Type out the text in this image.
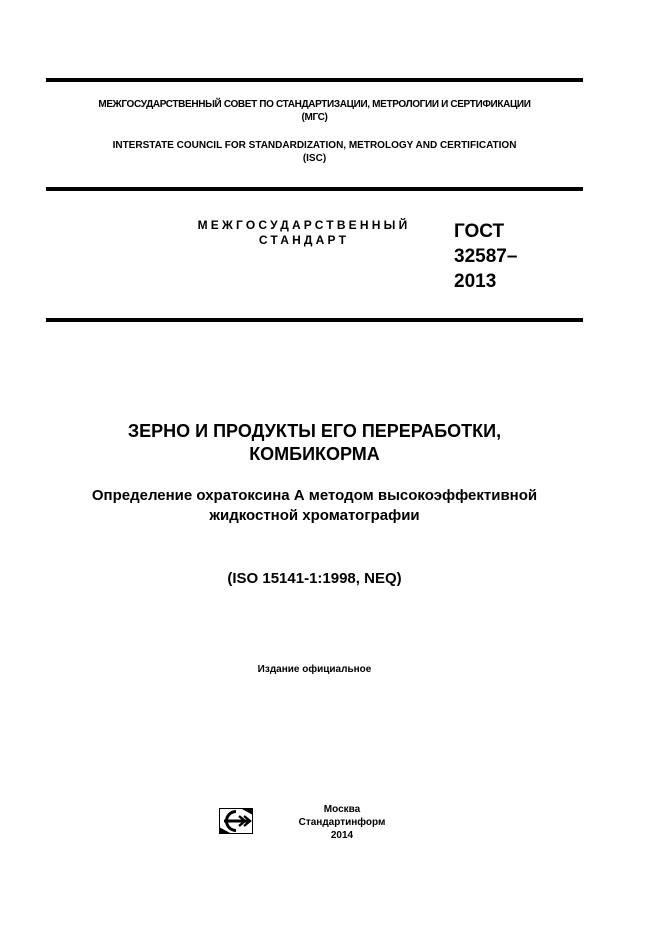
МЕЖГОСУДАРСТВЕННЫЙ СОВЕТ ПО СТАНДАРТИЗАЦИИ, МЕТРОЛОГИИ И СЕРТИФИКАЦИИ
(МГС)
INTERSTATE COUNCIL FOR STANDARDIZATION, METROLOGY AND CERTIFICATION
(ISC)
МЕЖГОСУДАРСТВЕННЫЙ
СТАНДАРТ	ГОСТ
32587–
2013
ЗЕРНО И ПРОДУКТЫ ЕГО ПЕРЕРАБОТКИ,
КОМБИКОРМА
Определение охратоксина А методом высокоэффективной
жидкостной хроматографии
(ISO 15141-1:1998, NEQ)
Издание официальное
Москва
Стандартинформ
2014
